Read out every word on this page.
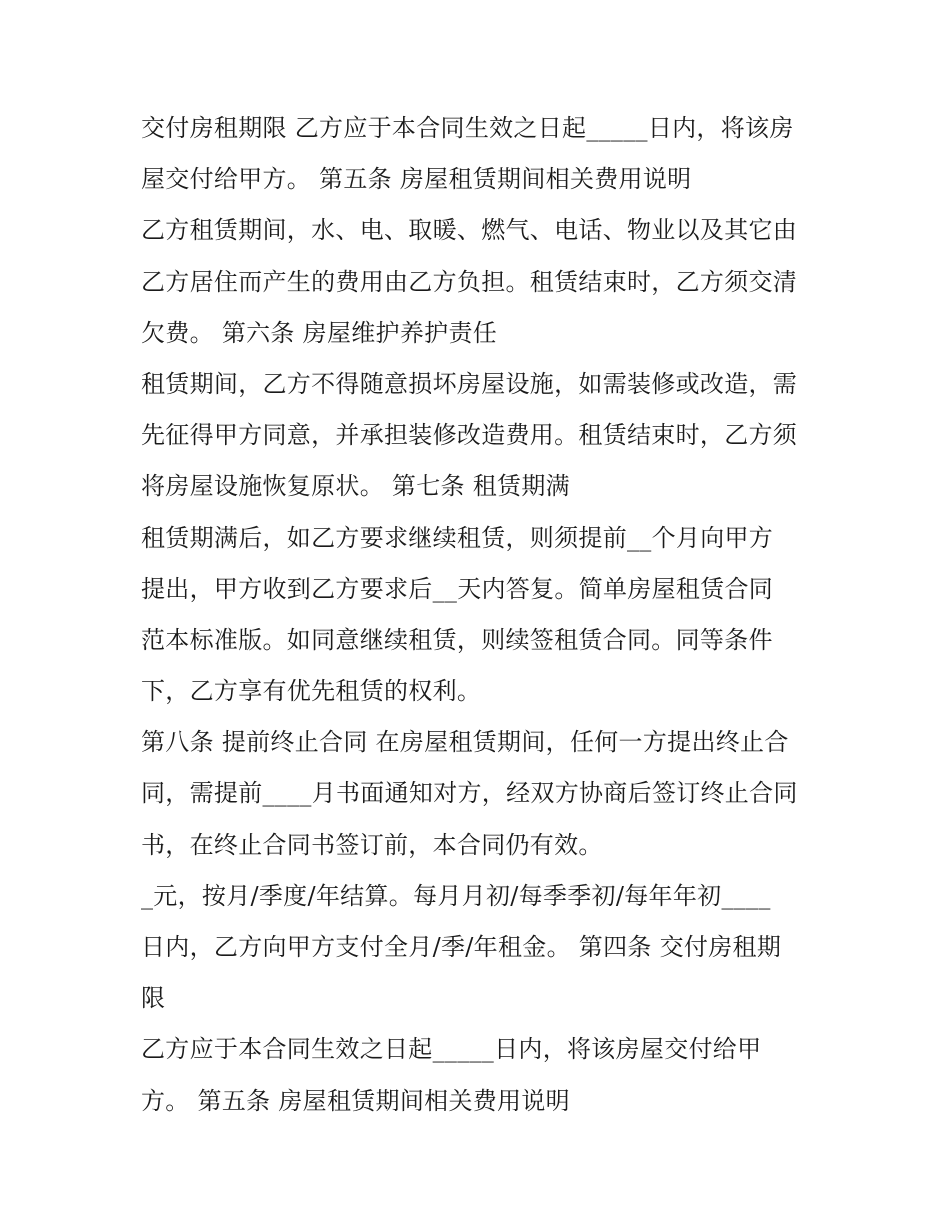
交付房租期限 乙方应于本合同生效之日起_____日内，将该房
屋交付给甲方。 第五条 房屋租赁期间相关费用说明
乙方租赁期间，水、电、取暖、燃气、电话、物业以及其它由
乙方居住而产生的费用由乙方负担。租赁结束时，乙方须交清
欠费。 第六条 房屋维护养护责任
租赁期间，乙方不得随意损坏房屋设施，如需装修或改造，需
先征得甲方同意，并承担装修改造费用。租赁结束时，乙方须
将房屋设施恢复原状。 第七条 租赁期满
租赁期满后，如乙方要求继续租赁，则须提前__个月向甲方
提出，甲方收到乙方要求后__天内答复。简单房屋租赁合同
范本标准版。如同意继续租赁，则续签租赁合同。同等条件
下，乙方享有优先租赁的权利。
第八条 提前终止合同 在房屋租赁期间，任何一方提出终止合
同，需提前____月书面通知对方，经双方协商后签订终止合同
书，在终止合同书签订前，本合同仍有效。
_元，按月/季度/年结算。每月月初/每季季初/每年年初____
日内，乙方向甲方支付全月/季/年租金。 第四条 交付房租期
限
乙方应于本合同生效之日起_____日内，将该房屋交付给甲
方。 第五条 房屋租赁期间相关费用说明
